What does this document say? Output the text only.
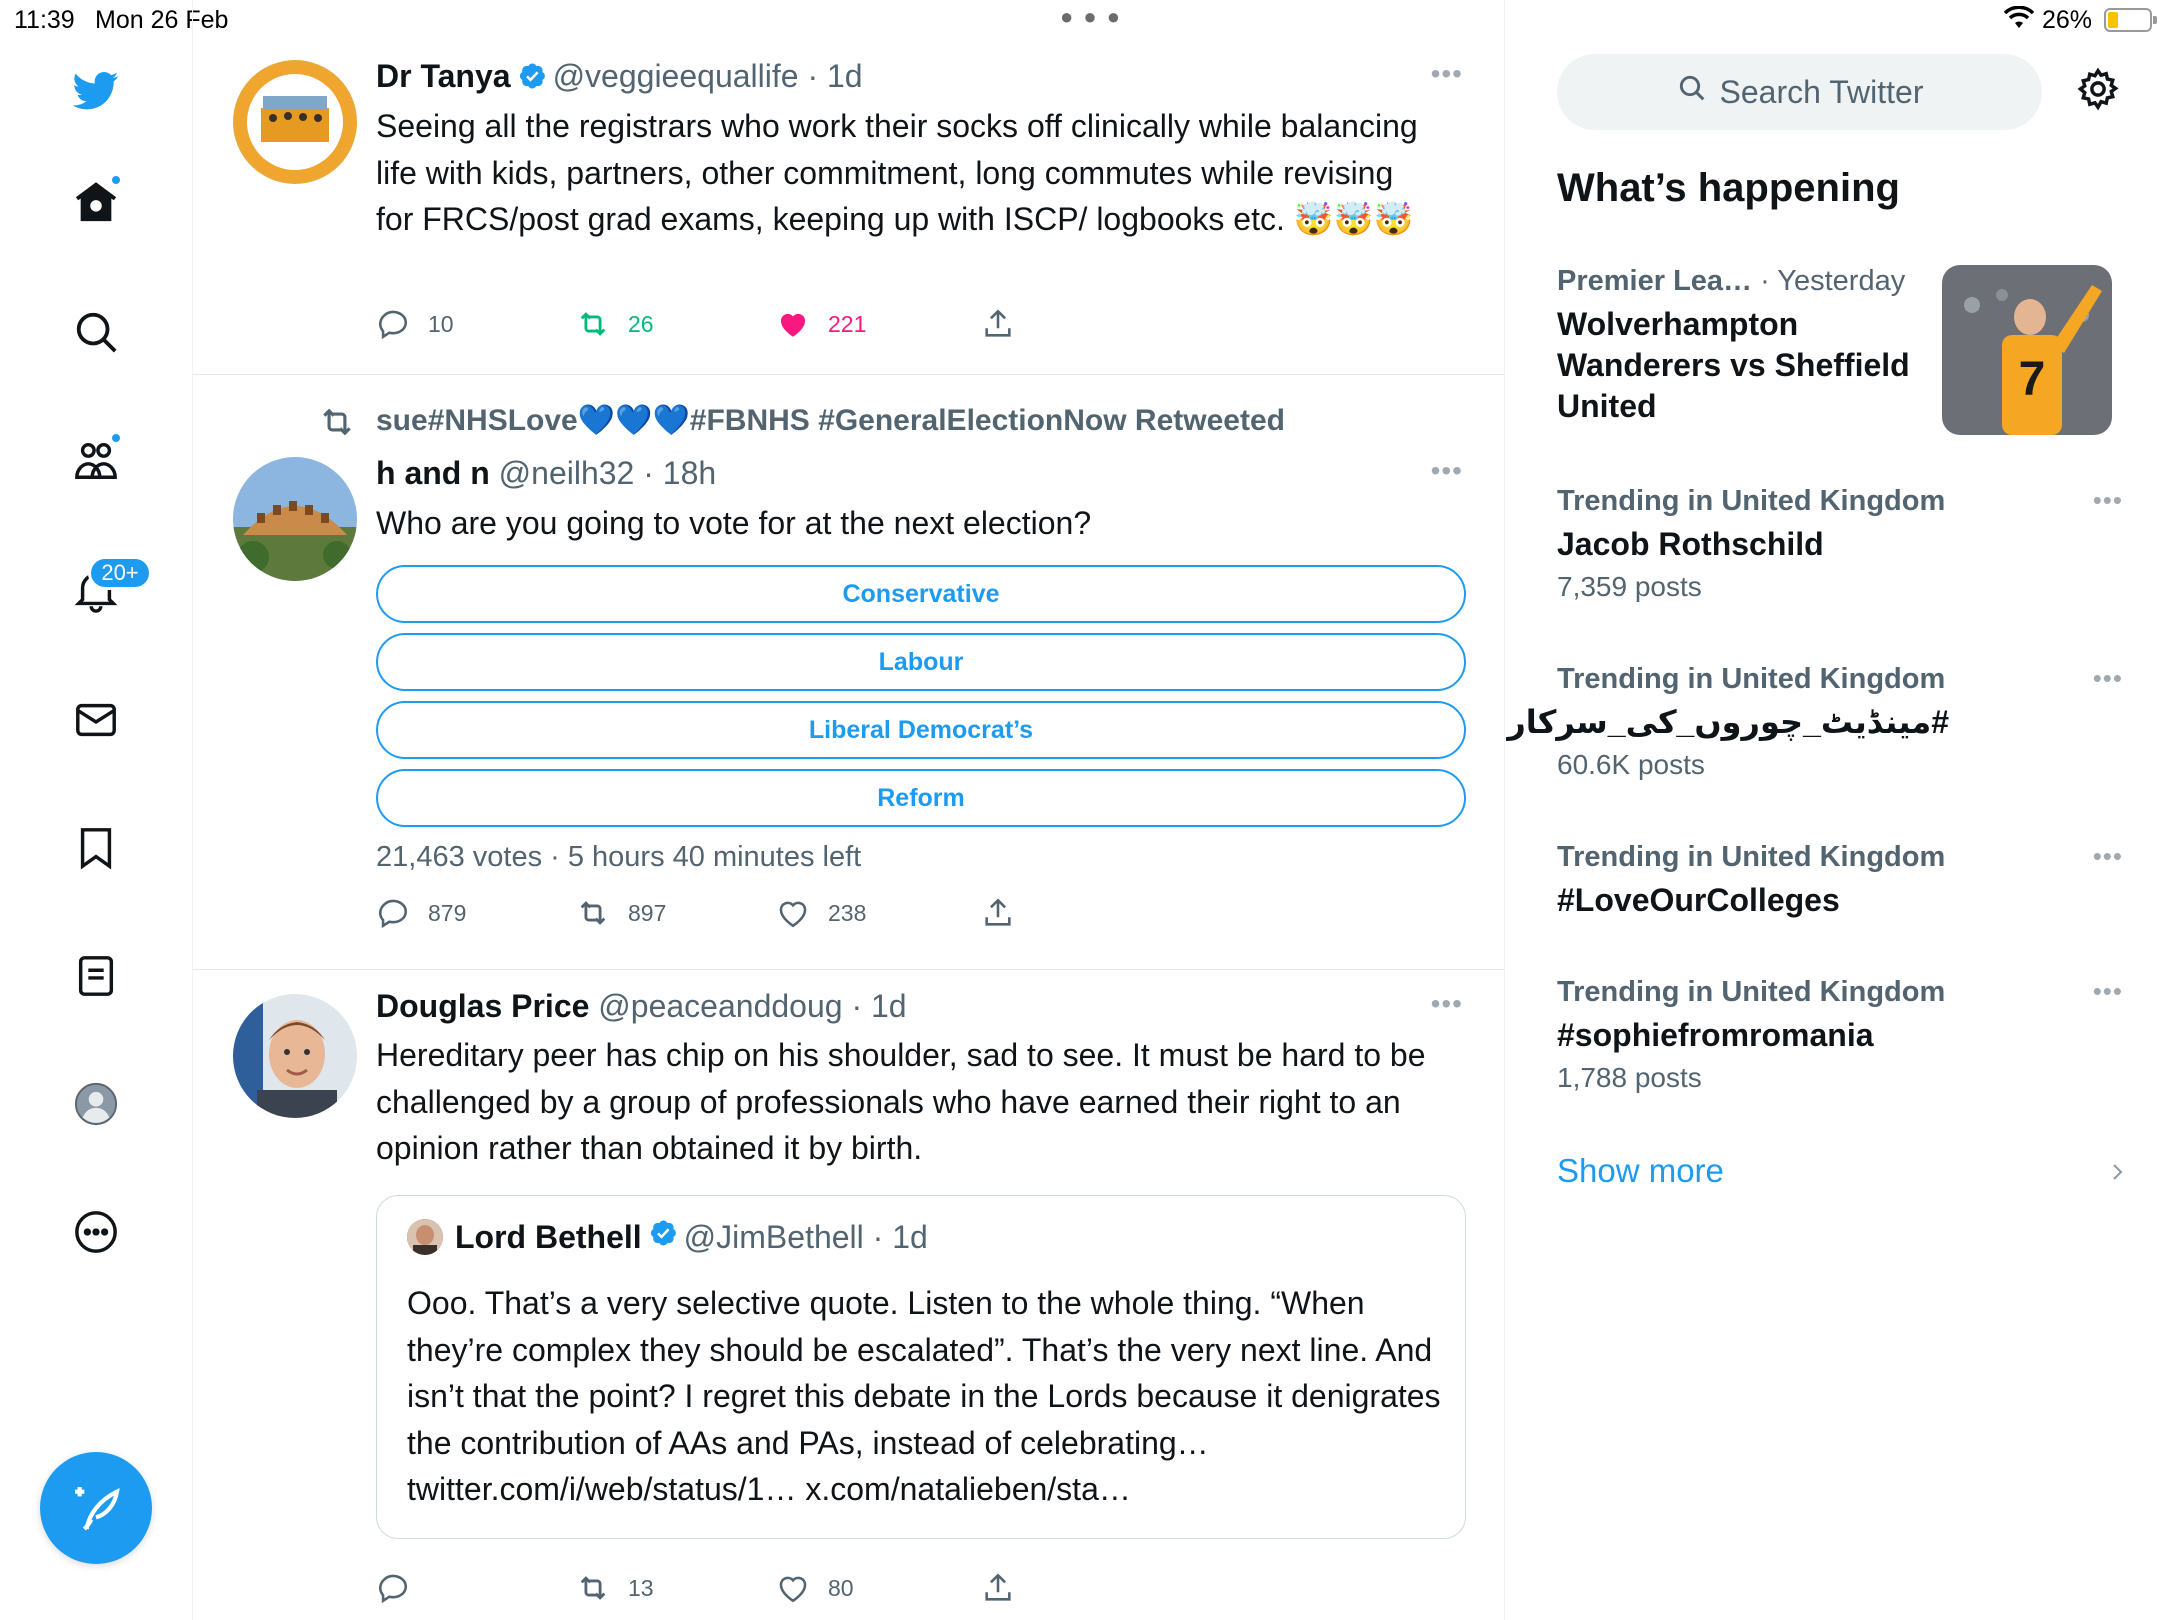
11:39 Mon 26 Feb	● ● ●	26%
20+
Dr Tanya @veggieequallife · 1d	•••
Seeing all the registrars who work their socks off clinically while balancing life with kids, partners, other commitment, long commutes while revising for FRCS/post grad exams, keeping up with ISCP/ logbooks etc. 🤯🤯🤯
10	26	221
sue#NHSLove💙💙💙#FBNHS #GeneralElectionNow Retweeted
h and n @neilh32 · 18h	•••
Who are you going to vote for at the next election?
Conservative
Labour
Liberal Democrat’s
Reform
21,463 votes · 5 hours 40 minutes left
879	897	238
Douglas Price @peaceanddoug · 1d	•••
Hereditary peer has chip on his shoulder, sad to see. It must be hard to be challenged by a group of professionals who have earned their right to an opinion rather than obtained it by birth.
Lord Bethell @JimBethell
· 1d
Ooo. That’s a very selective quote. Listen to the whole thing. “When they’re complex they should be escalated”. That’s the very next line. And isn’t that the point? I regret this debate in the Lords because it denigrates the contribution of AAs and PAs, instead of celebrating… twitter.com/i/web/status/1… x.com/natalieben/sta…
13	80
Search Twitter
What’s happening
Premier Lea… · Yesterday
Wolverhampton Wanderers vs Sheffield United	7
Trending in United Kingdom
Jacob Rothschild
7,359 posts
•••
Trending in United Kingdom
#مینڈیٹ_چوروں_کی_سرکار
60.6K posts
•••
Trending in United Kingdom
#LoveOurColleges
•••
Trending in United Kingdom
#sophiefromromania
1,788 posts
•••
Show more
